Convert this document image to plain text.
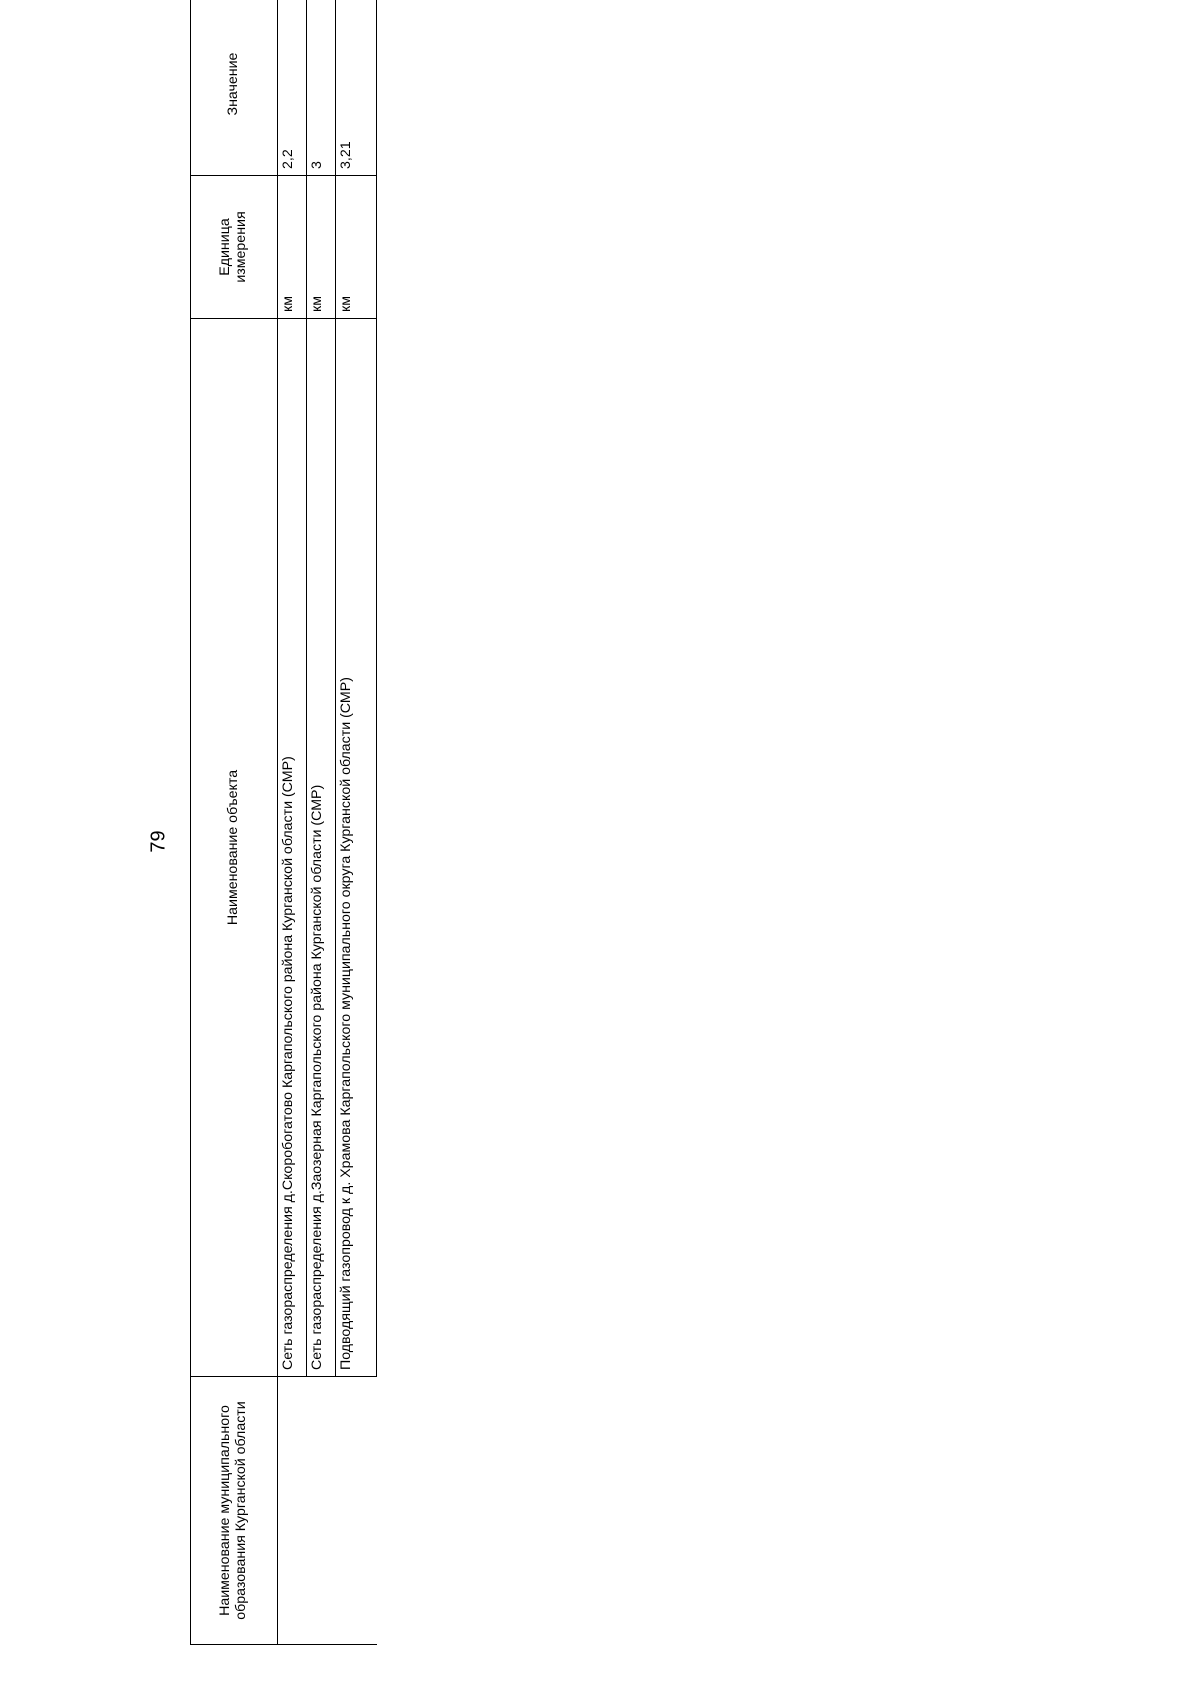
79
Наименование муниципального образования Курганской области	Наименование объекта	Единица измерения	Значение
	Сеть газораспределения д.Скоробогатово Каргапольского района Курганской области (СМР)	км	2,2
	Сеть газораспределения д.Заозерная Каргапольского района Курганской области (СМР)	км	3
	Подводящий газопровод к д. Храмова Каргапольского муниципального округа Курганской области (СМР)	км	3,21
